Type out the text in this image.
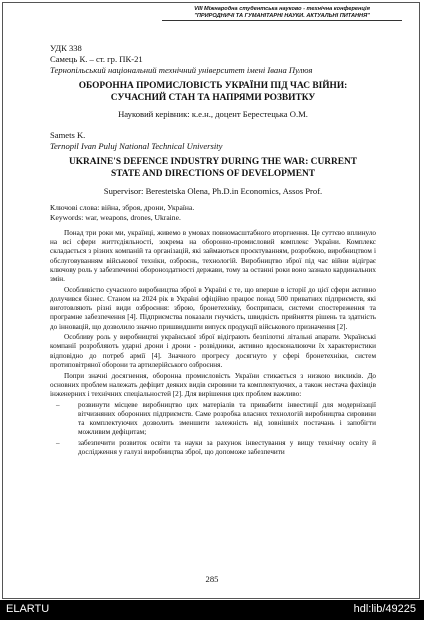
VIII Міжнародна студентська науково - технічна конференція
"ПРИРОДНИЧІ ТА ГУМАНІТАРНІ НАУКИ. АКТУАЛЬНІ ПИТАННЯ"
УДК 338
Самець К. – ст. гр. ПК-21
Тернопільський національний технічний університет імені Івана Пулюя
ОБОРОННА ПРОМИСЛОВІСТЬ УКРАЇНИ ПІД ЧАС ВІЙНИ:
СУЧАСНИЙ СТАН ТА НАПРЯМИ РОЗВИТКУ
Науковий керівник: к.е.н., доцент Берестецька О.М.
Samets K.
Ternopil Ivan Puluj National Technical University
UKRAINE'S DEFENCE INDUSTRY DURING THE WAR: CURRENT
STATE AND DIRECTIONS OF DEVELOPMENT
Supervisor: Berestetska Olena, Ph.D.in Economics, Assos Prof.
Ключові слова: війна, зброя, дрони, Україна.
Keywords: war, weapons, drones, Ukraine.

Понад три роки ми, українці, живемо в умовах повномасштабного вторгнення. Це суттєво вплинуло на всі сфери життєдіяльності, зокрема на оборонно-промисловий комплекс України. Комплекс складається з різних компаній та організацій, які займаються проєктуванням, розробкою, виробництвом і обслуговуванням військової техніки, озброєнь, технологій. Виробництво зброї під час війни відіграє ключову роль у забезпеченні обороноздатності держави, тому за останні роки воно зазнало кардинальних змін.

Особливістю сучасного виробництва зброї в Україні є те, що вперше в історії до цієї сфери активно долучився бізнес. Станом на 2024 рік в Україні офіційно працює понад 500 приватних підприємств, які виготовляють різні види озброєння: зброю, бронетехніку, боєприпаси, системи спостереження та програмне забезпечення [4]. Підприємства показали гнучкість, швидкість прийняття рішень та здатність до інновацій, що дозволило значно пришвидшити випуск продукції військового призначення [2].

Особливу роль у виробництві української зброї відіграють безпілотні літальні апарати. Українські компанії розробляють ударні дрони і дрони - розвідники, активно вдосконалюючи їх характеристики відповідно до потреб армії [4]. Значного прогресу досягнуто у сфері бронетехніки, систем протиповітряної оборони та артилерійського озброєння.

Попри значні досягнення, оборонна промисловість України стикається з низкою викликів. До основних проблем належать дефіцит деяких видів сировини та комплектуючих, а також нестача фахівців інженерних і технічних спеціальностей [2]. Для вирішення цих проблем важливо:

–	розвинути місцеве виробництво цих матеріалів та привабити інвестиції для модернізації вітчизняних оборонних підприємств. Саме розробка власних технологій виробництва сировини та комплектуючих дозволить зменшити залежність від зовнішніх постачань і запобігти можливим дефіцитам;
–	забезпечити розвиток освіти та науки за рахунок інвестування у вищу технічну освіту й дослідження у галузі виробництва зброї, що допоможе забезпечити
285
ELARTU	hdl:lib/49225
